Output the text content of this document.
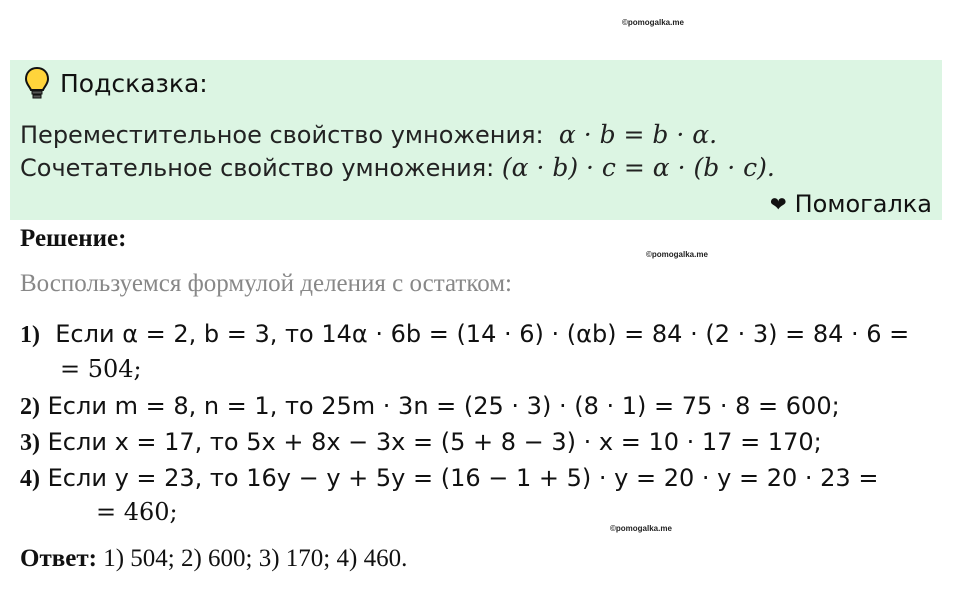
©pomogalka.me
Подсказка:
Переместительное свойство умножения: α · b = b · α.
Сочетательное свойство умножения: (α · b) · c = α · (b · c).
❤ Помогалка
Решение:
©pomogalka.me
Воспользуемся формулой деления с остатком:
1) Если α = 2, b = 3, то 14α · 6b = (14 · 6) · (αb) = 84 · (2 · 3) = 84 · 6 =
= 504;
2) Если m = 8, n = 1, то 25m · 3n = (25 · 3) · (8 · 1) = 75 · 8 = 600;
3) Если x = 17, то 5x + 8x − 3x = (5 + 8 − 3) · x = 10 · 17 = 170;
4) Если y = 23, то 16y − y + 5y = (16 − 1 + 5) · y = 20 · y = 20 · 23 =
= 460;
©pomogalka.me
Ответ: 1) 504; 2) 600; 3) 170; 4) 460.
